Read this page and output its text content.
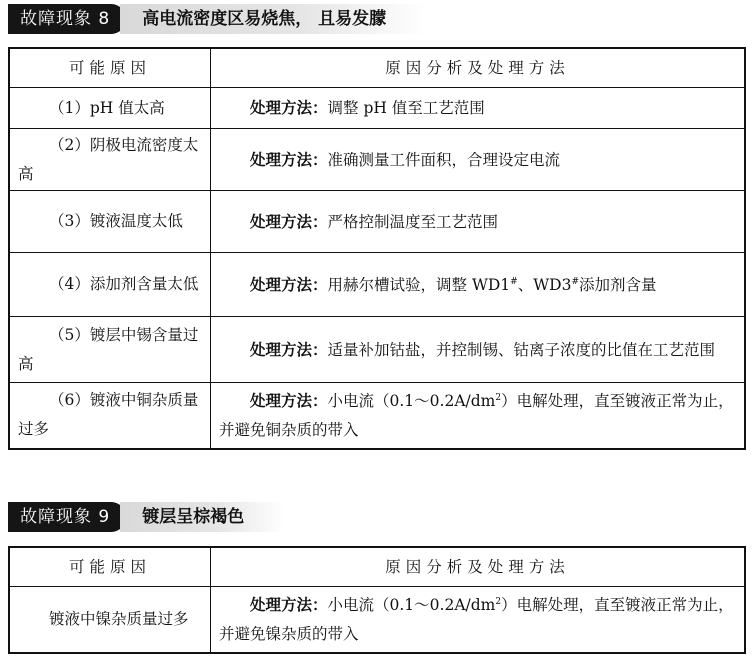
故障现象 8	高电流密度区易烧焦， 且易发朦
可能原因	原因分析及处理方法

（1）pH 值太高	处理方法：调整 pH 值至工艺范围

（2）阴极电流密度太高	处理方法：准确测量工件面积，合理设定电流

（3）镀液温度太低	处理方法：严格控制温度至工艺范围

（4）添加剂含量太低	处理方法：用赫尔槽试验，调整 WD1#、WD3#添加剂含量

（5）镀层中锡含量过高	处理方法：适量补加钴盐，并控制锡、钴离子浓度的比值在工艺范围

（6）镀液中铜杂质量过多	处理方法：小电流$(0.1\sim 0.2A/dm^2)$电解处理，直至镀液正常为止，并避免铜杂质的带入
故障现象 9	镀层呈棕褐色
可能原因	原因分析及处理方法

镀液中镍杂质量过多	处理方法：小电流$(0.1\sim 0.2A/dm^2)$电解处理，直至镀液正常为止，并避免镍杂质的带入
